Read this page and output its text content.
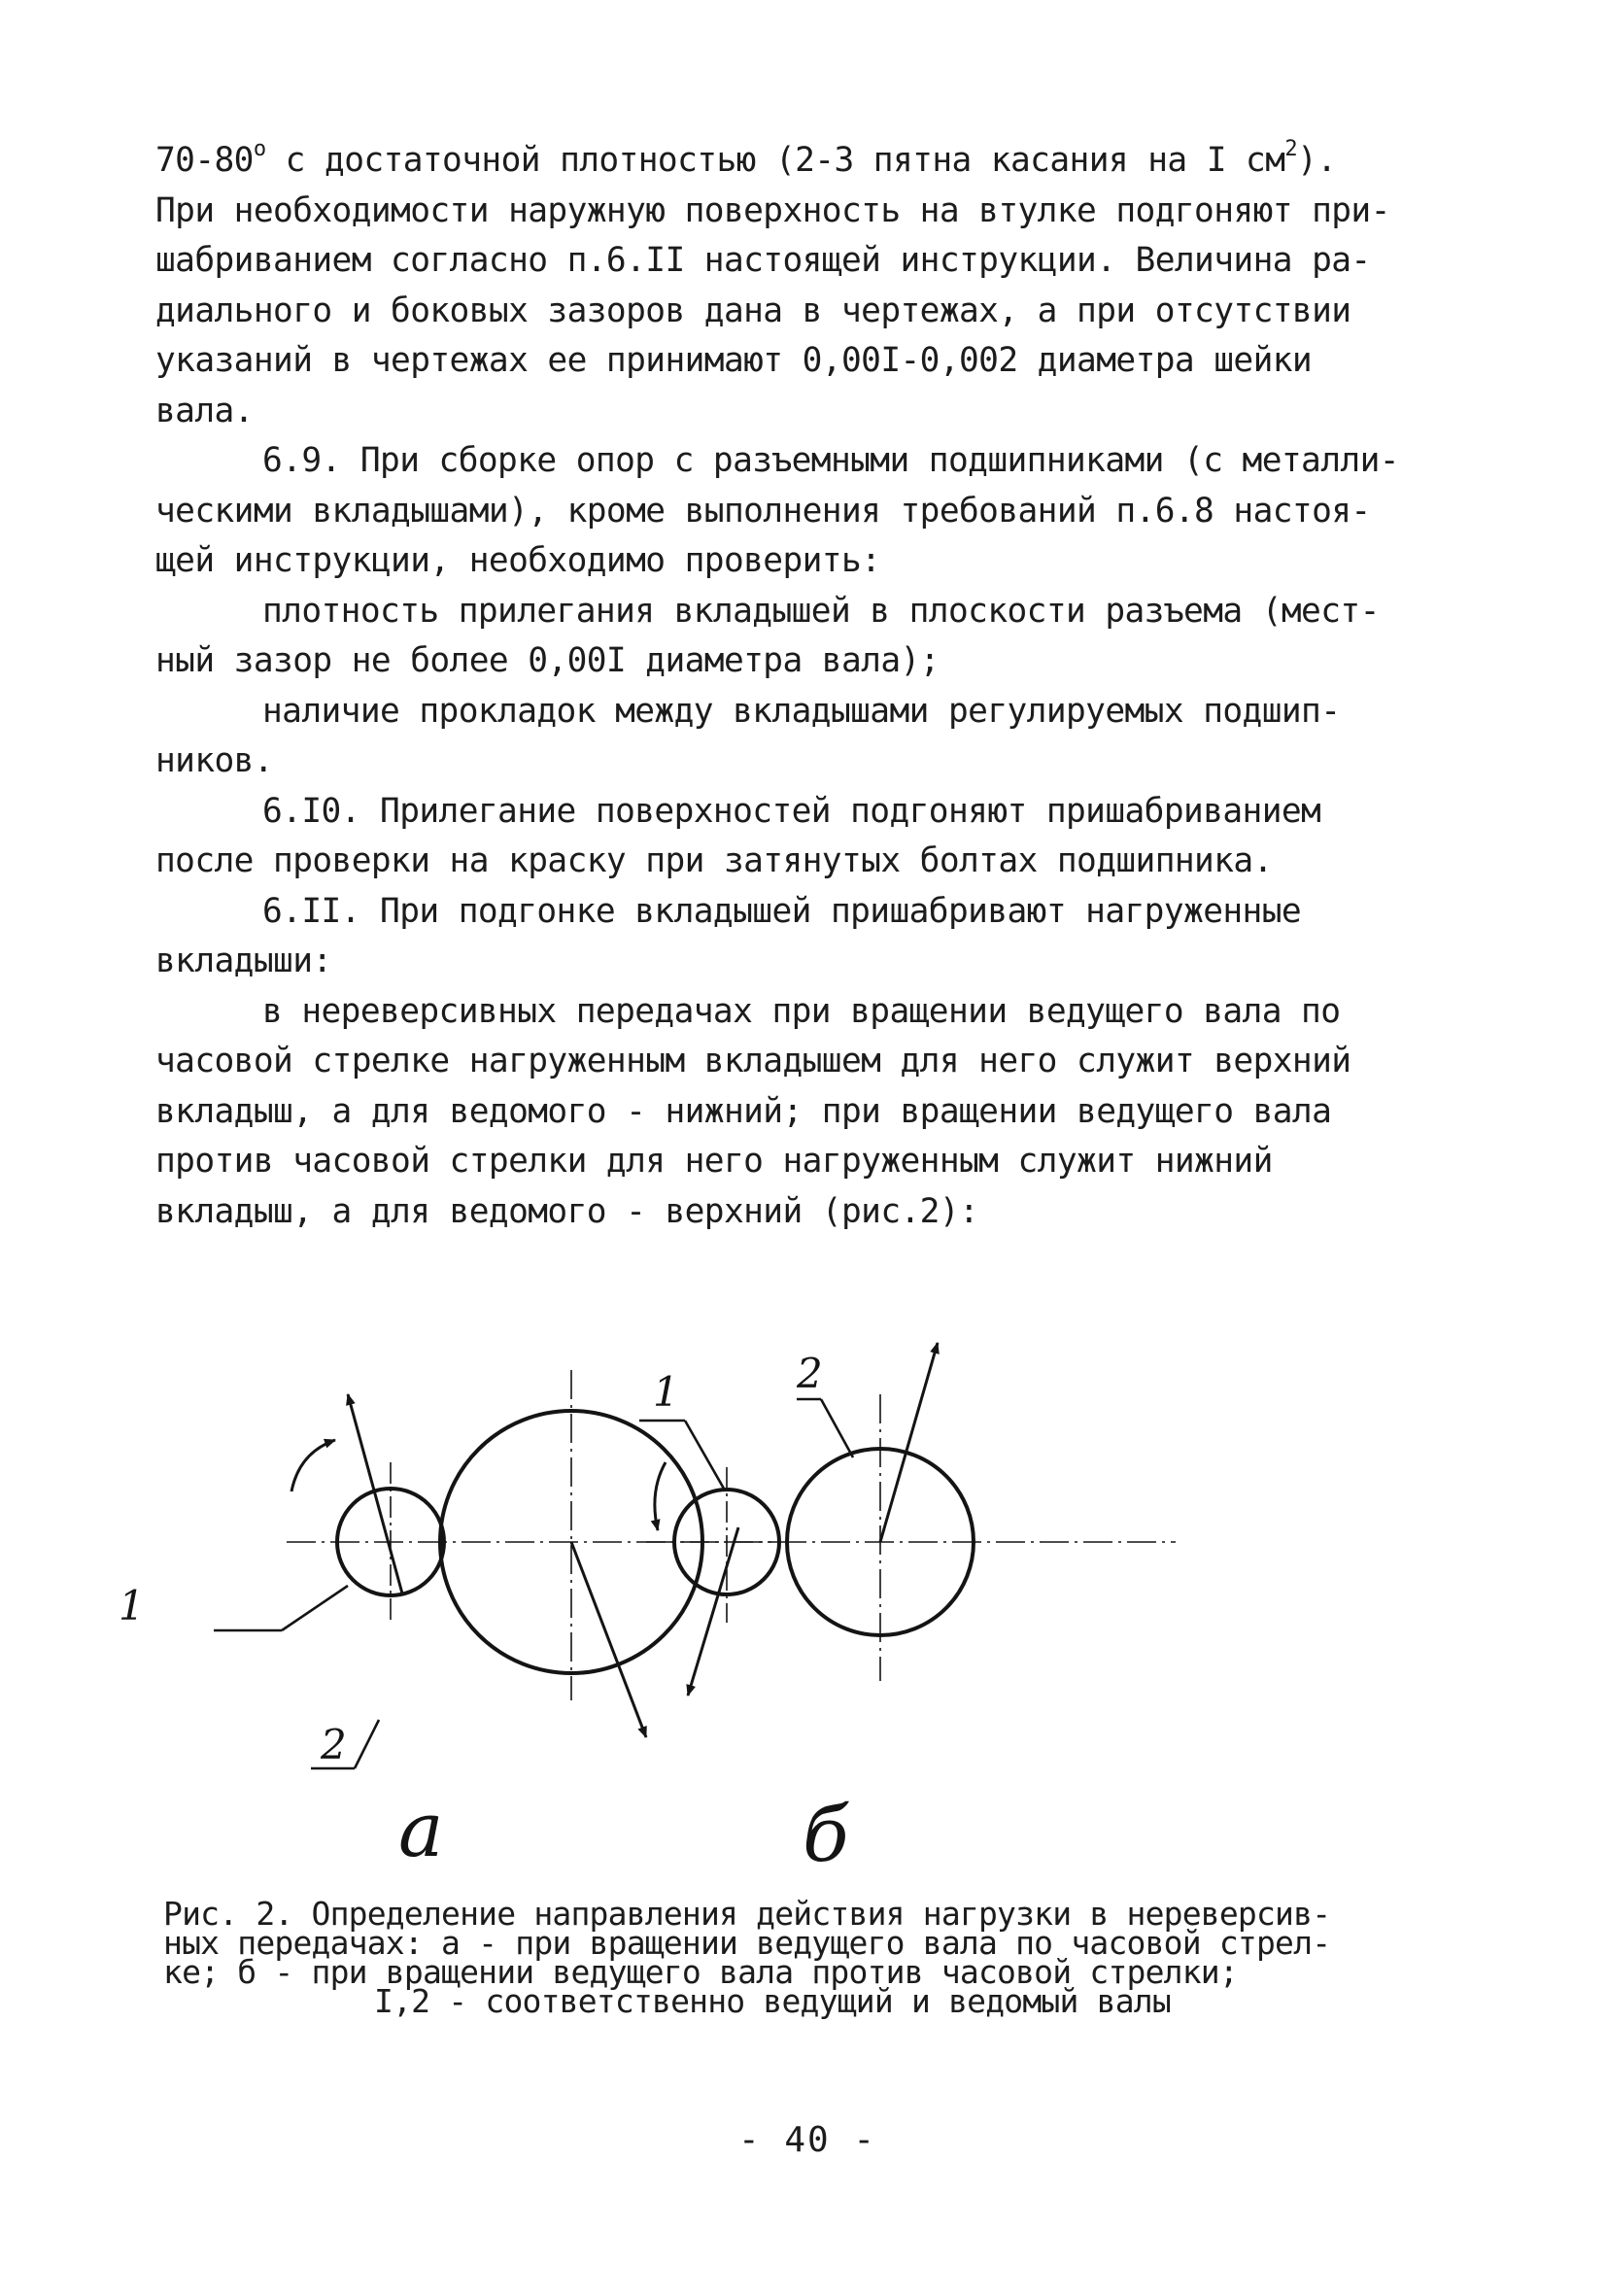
$70-80^о$ с достаточной плотностью (2-3 пятна касания на I $см^2$).
При необходимости наружную поверхность на втулке подгоняют при-
шабриванием согласно п.6.II настоящей инструкции. Величина ра-
диального и боковых зазоров дана в чертежах, а при отсутствии
указаний в чертежах ее принимают 0,00I-0,002 диаметра шейки
вала.
6.9. При сборке опор с разъемными подшипниками (с металли-
ческими вкладышами), кроме выполнения требований п.6.8 настоя-
щей инструкции, необходимо проверить:
плотность прилегания вкладышей в плоскости разъема (мест-
ный зазор не более 0,00I диаметра вала);
наличие прокладок между вкладышами регулируемых подшип-
ников.
6.I0. Прилегание поверхностей подгоняют пришабриванием
после проверки на краску при затянутых болтах подшипника.
6.II. При подгонке вкладышей пришабривают нагруженные
вкладыши:
в нереверсивных передачах при вращении ведущего вала по
часовой стрелке нагруженным вкладышем для него служит верхний
вкладыш, а для ведомого - нижний; при вращении ведущего вала
против часовой стрелки для него нагруженным служит нижний
вкладыш, а для ведомого - верхний (рис.2):
1
2
а
1	2
б
Рис. 2. Определение направления действия нагрузки в нереверсив-
ных передачах: а - при вращении ведущего вала по часовой стрел-
ке; б - при вращении ведущего вала против часовой стрелки;
I,2 - соответственно ведущий и ведомый валы
- 40 -
